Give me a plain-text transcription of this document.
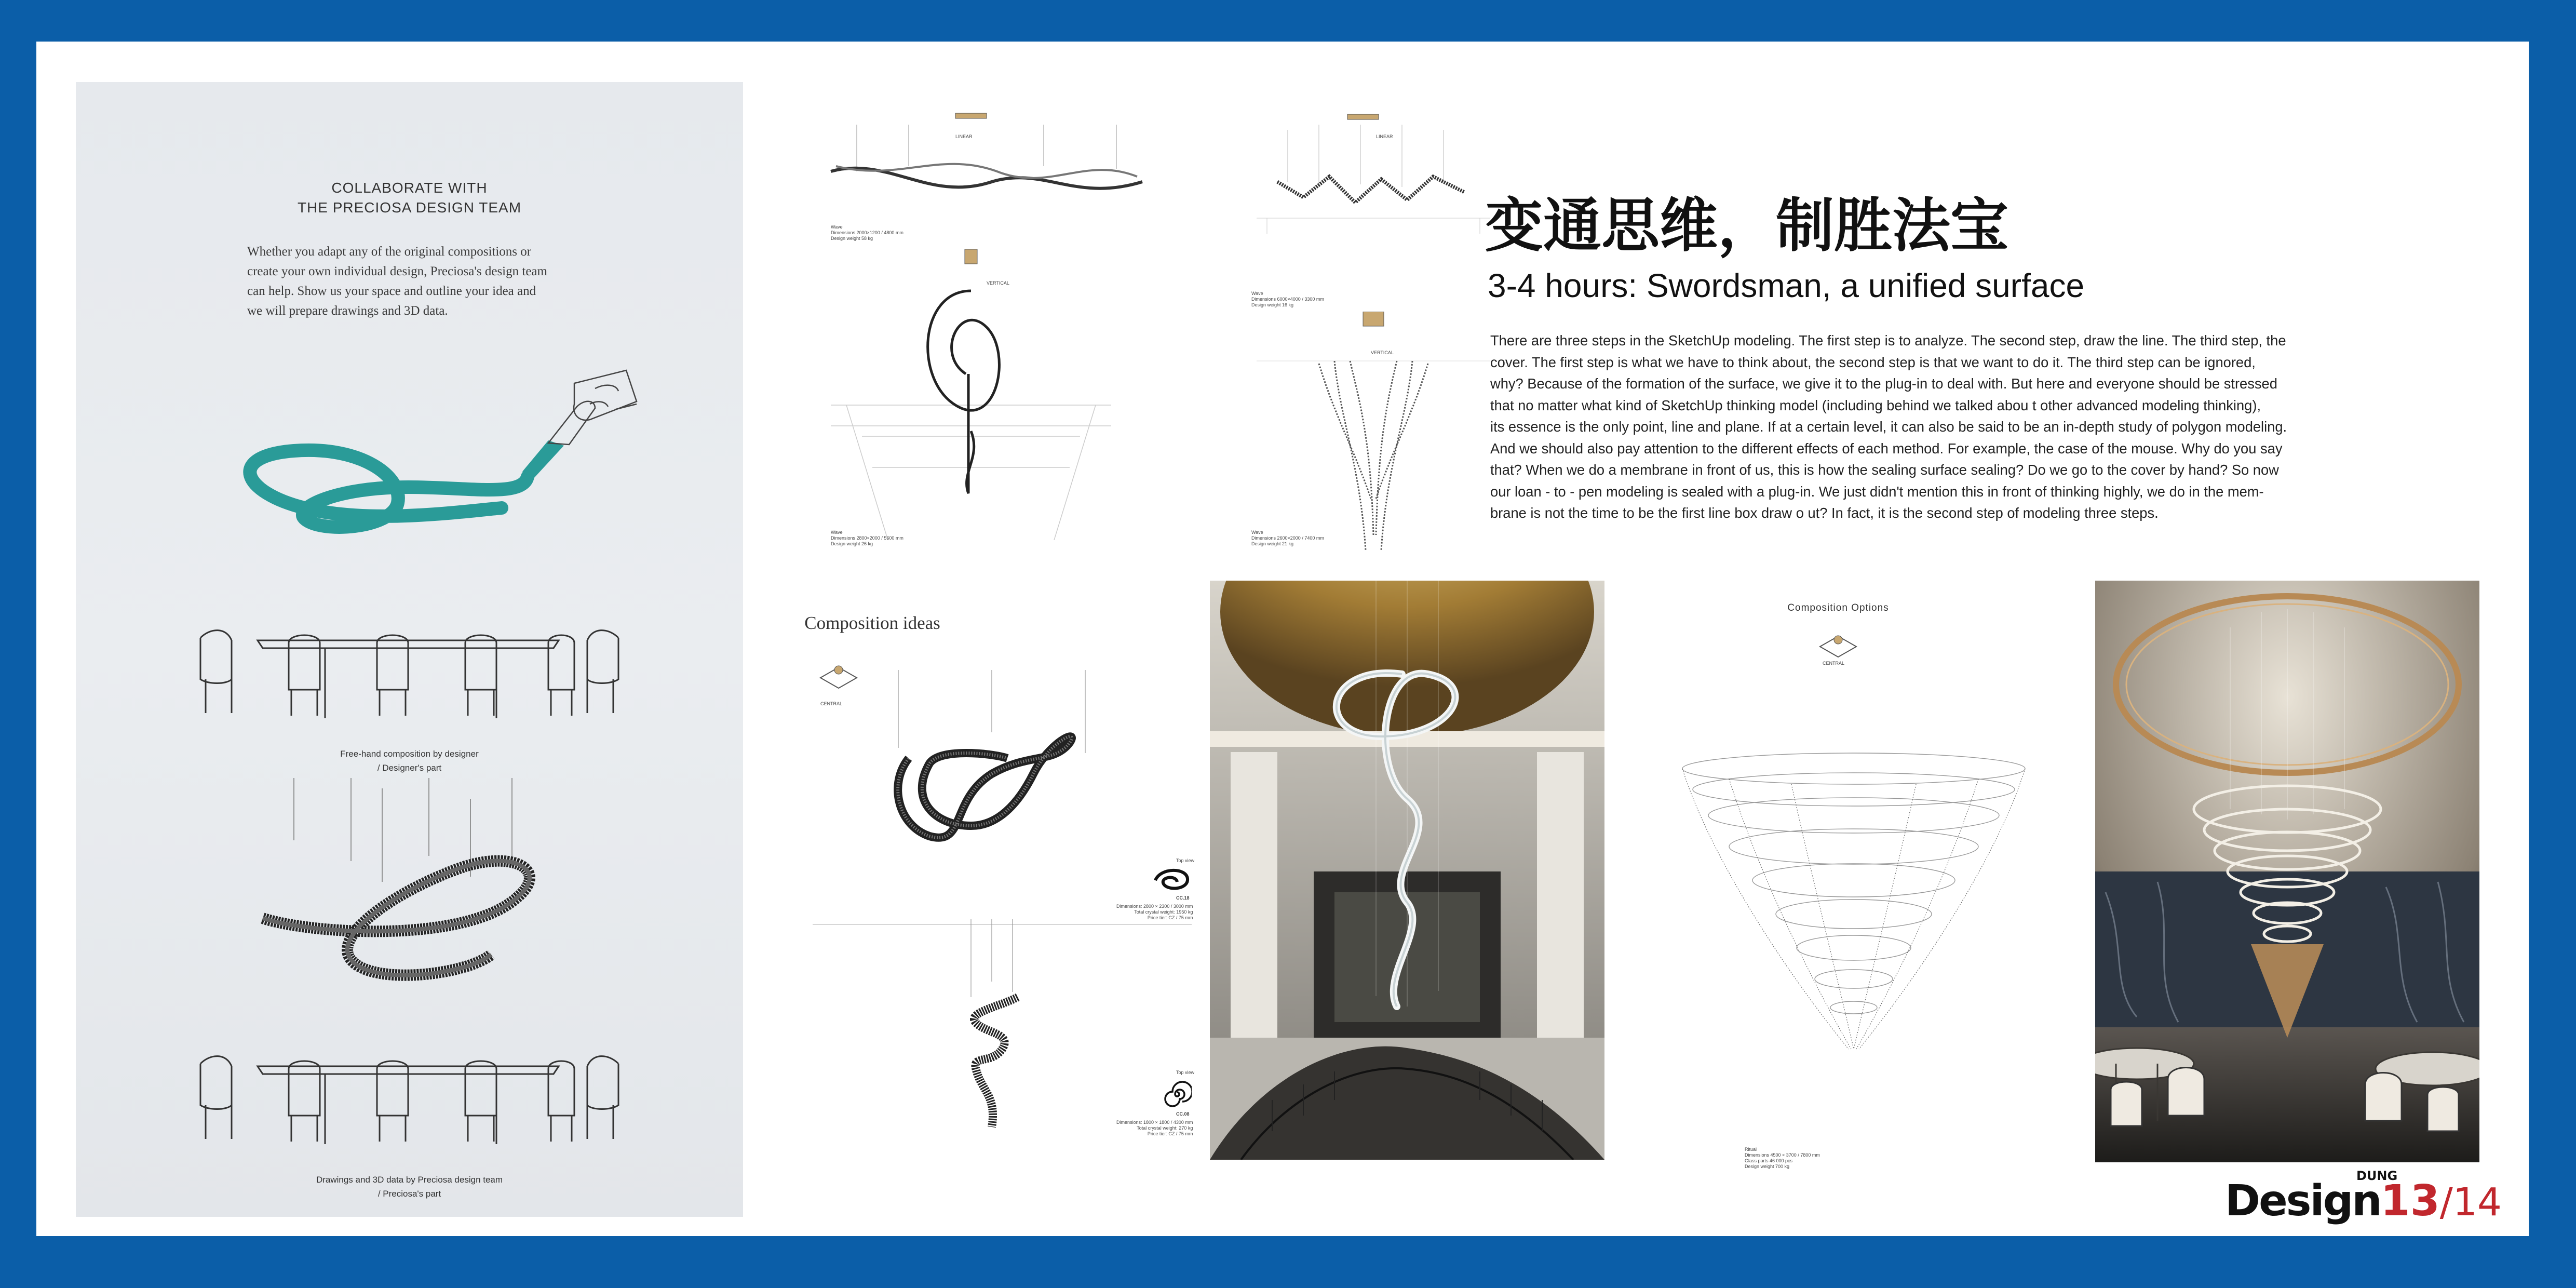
COLLABORATE WITH
THE PRECIOSA DESIGN TEAM
Whether you adapt any of the original compositions or
create your own individual design, Preciosa's design team
can help. Show us your space and outline your idea and
we will prepare drawings and 3D data.
Free-hand composition by designer
/ Designer's part
Drawings and 3D data by Preciosa design team
/ Preciosa's part
LINEAR
Wave
Dimensions 2000×1200 / 4800 mm
Design weight 58 kg
VERTICAL
Wave
Dimensions 2800×2000 / 5600 mm
Design weight 26 kg
LINEAR
Wave
Dimensions 6000×4000 / 3300 mm
Design weight 16 kg
VERTICAL
Wave
Dimensions 2600×2000 / 7400 mm
Design weight 21 kg
变通思维，制胜法宝
3-4 hours: Swordsman, a unified surface
There are three steps in the SketchUp modeling. The first step is to analyze. The second step, draw the line. The third step, the
cover. The first step is what we have to think about, the second step is that we want to do it. The third step can be ignored,
why? Because of the formation of the surface, we give it to the plug-in to deal with. But here and everyone should be stressed
that no matter what kind of SketchUp thinking model (including behind we talked abou t other advanced modeling thinking),
its essence is the only point, line and plane. If at a certain level, it can also be said to be an in-depth study of polygon modeling.
And we should also pay attention to the different effects of each method. For example, the case of the mouse. Why do you say
that? When we do a membrane in front of us, this is how the sealing surface sealing? Do we go to the cover by hand? So now
our loan - to - pen modeling is sealed with a plug-in. We just didn't mention this in front of thinking highly, we do in the mem-
brane is not the time to be the first line box draw o ut? In fact, it is the second step of modeling three steps.
Composition ideas
CENTRAL
Top view
CC.18
Dimensions: 2800 × 2300 / 3000 mm
Total crystal weight: 1950 kg
Price tier: CZ / 75 mm
Top view
CC.08
Dimensions: 1800 × 1800 / 4300 mm
Total crystal weight: 270 kg
Price tier: CZ / 75 mm
Composition Options
CENTRAL
Ritual
Dimensions 4500 × 3700 / 7800 mm
Glass parts 46 000 pcs
Design weight 700 kg
DUNG
Design13/14
